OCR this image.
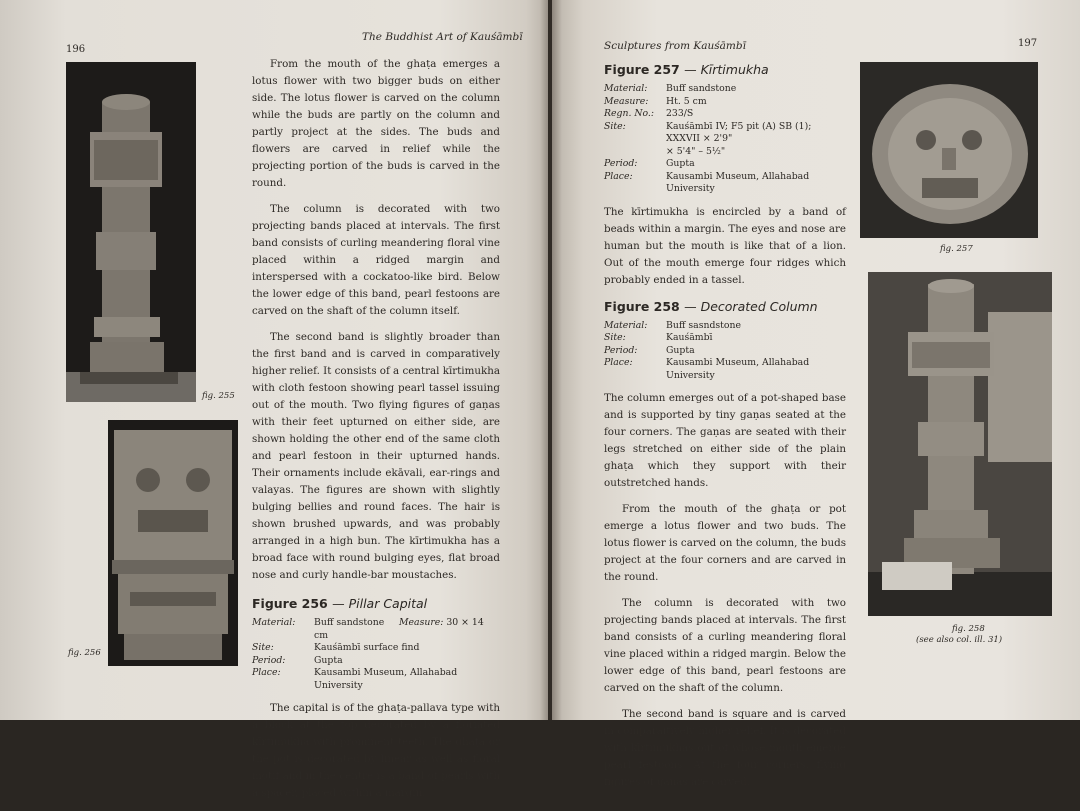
196
The Buddhist Art of Kauśāmbī
fig. 255
fig. 256

From the mouth of the ghaṭa emerges a lotus flower with two bigger buds on either side. The lotus flower is carved on the column while the buds are partly on the column and partly project at the sides. The buds and flowers are carved in relief while the projecting portion of the buds is carved in the round.

The column is decorated with two projecting bands placed at intervals. The first band consists of curling meandering floral vine placed within a ridged margin and interspersed with a cockatoo-like bird. Below the lower edge of this band, pearl festoons are carved on the shaft of the column itself.

The second band is slightly broader than the first band and is carved in comparatively higher relief. It consists of a central kīrtimukha with cloth festoon showing pearl tassel issuing out of the mouth. Two flying figures of gaṇas with their feet upturned on either side, are shown holding the other end of the same cloth and pearl festoon in their upturned hands. Their ornaments include ekāvali, ear-rings and valayas. The figures are shown with slightly bulging bellies and round faces. The hair is shown brushed upwards, and was probably arranged in a high bun. The kīrtimukha has a broad face with round bulging eyes, flat broad nose and curly handle-bar moustaches.

Figure 256 — Pillar Capital
Material:	Buff sandstone Measure: 30 × 14 cm
Site:	Kauśāmbī surface find
Period:	Gupta
Place:	Kausambi Museum, Allahabad University

The capital is of the ghaṭa-pallava type with a block at the top decorated by a floriated kīrtimukha with prominent teeth. The ghaṭa or the pot is decorated by linear as well as floral motif and in the centre is a band of pearls with a spacer, placed within a margin.

Sculptures from Kauśāmbī	197
Figure 257 — Kīrtimukha
Material:	Buff sandstone
Measure:	Ht. 5 cm
Regn. No.:	233/S
Site:	Kauśāmbī IV; F5 pit (A) SB (1); XXXVII × 2'9"
× 5'4" – 5½"
Period:	Gupta
Place:	Kausambi Museum, Allahabad University

The kīrtimukha is encircled by a band of beads within a margin. The eyes and nose are human but the mouth is like that of a lion. Out of the mouth emerge four ridges which probably ended in a tassel.

Figure 258 — Decorated Column
Material:	Buff sasndstone
Site:	Kauśāmbī
Period:	Gupta
Place:	Kausambi Museum, Allahabad University

The column emerges out of a pot-shaped base and is supported by tiny gaṇas seated at the four corners. The gaṇas are seated with their legs stretched on either side of the plain ghaṭa which they support with their outstretched hands.

From the mouth of the ghaṭa or pot emerge a lotus flower and two buds. The lotus flower is carved on the column, the buds project at the four corners and are carved in the round.

The column is decorated with two projecting bands placed at intervals. The first band consists of a curling meandering floral vine placed within a ridged margin. Below the lower edge of this band, pearl festoons are carved on the shaft of the column.

The second band is square and is carved in comparaitively higher relief. It is decorated with kīrtimukhas out of whose mouth emerge pearl festoons. At the four corners, flying figures of gaṇas are carved.

fig. 257
fig. 258
(see also col. ill. 31)
